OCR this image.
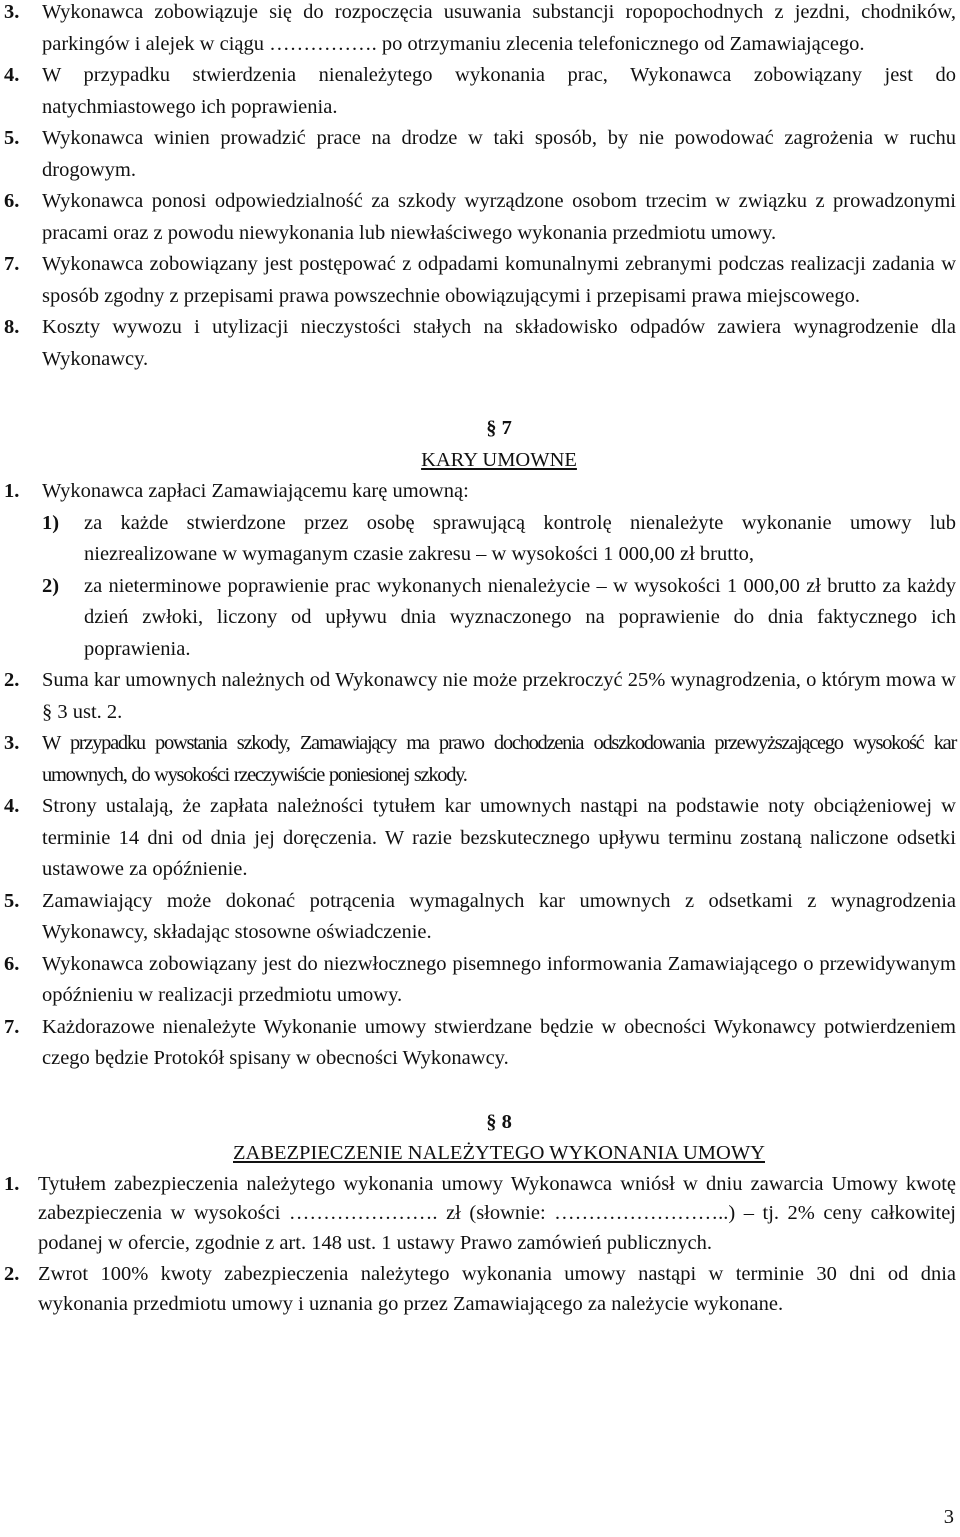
3.	Wykonawca zobowiązuje się do rozpoczęcia usuwania substancji ropopochodnych z jezdni, chodników, parkingów i alejek w ciągu ……………. po otrzymaniu zlecenia telefonicznego od Zamawiającego.
4.	W przypadku stwierdzenia nienależytego wykonania prac, Wykonawca zobowiązany jest do natychmiastowego ich poprawienia.
5.	Wykonawca winien prowadzić prace na drodze w taki sposób, by nie powodować zagrożenia w ruchu drogowym.
6.	Wykonawca ponosi odpowiedzialność za szkody wyrządzone osobom trzecim w związku z prowadzonymi pracami oraz z powodu niewykonania lub niewłaściwego wykonania przedmiotu umowy.
7.	Wykonawca zobowiązany jest postępować z odpadami komunalnymi zebranymi podczas realizacji zadania w sposób zgodny z przepisami prawa powszechnie obowiązującymi i przepisami prawa miejscowego.
8.	Koszty wywozu i utylizacji nieczystości stałych na składowisko odpadów zawiera wynagrodzenie dla Wykonawcy.
§ 7
KARY UMOWNE
1.	Wykonawca zapłaci Zamawiającemu karę umowną:
1)	za każde stwierdzone przez osobę sprawującą kontrolę nienależyte wykonanie umowy lub niezrealizowane w wymaganym czasie zakresu – w wysokości 1 000,00 zł brutto,
2)	za nieterminowe poprawienie prac wykonanych nienależycie – w wysokości 1 000,00 zł brutto za każdy dzień zwłoki, liczony od upływu dnia wyznaczonego na poprawienie do dnia faktycznego ich poprawienia.
2.	Suma kar umownych należnych od Wykonawcy nie może przekroczyć 25% wynagrodzenia, o którym mowa w § 3 ust. 2.
3.	W przypadku powstania szkody, Zamawiający ma prawo dochodzenia odszkodowania przewyższającego wysokość kar umownych, do wysokości rzeczywiście poniesionej szkody.
4.	Strony ustalają, że zapłata należności tytułem kar umownych nastąpi na podstawie noty obciążeniowej w terminie 14 dni od dnia jej doręczenia. W razie bezskutecznego upływu terminu zostaną naliczone odsetki ustawowe za opóźnienie.
5.	Zamawiający może dokonać potrącenia wymagalnych kar umownych z odsetkami z wynagrodzenia Wykonawcy, składając stosowne oświadczenie.
6.	Wykonawca zobowiązany jest do niezwłocznego pisemnego informowania Zamawiającego o przewidywanym opóźnieniu w realizacji przedmiotu umowy.
7.	Każdorazowe nienależyte Wykonanie umowy stwierdzane będzie w obecności Wykonawcy potwierdzeniem czego będzie Protokół spisany w obecności Wykonawcy.
§ 8
ZABEZPIECZENIE NALEŻYTEGO WYKONANIA UMOWY
1. Tytułem zabezpieczenia należytego wykonania umowy Wykonawca wniósł w dniu zawarcia Umowy kwotę zabezpieczenia w wysokości …………………. zł (słownie: ……………………..) – tj. 2% ceny całkowitej podanej w ofercie, zgodnie z art. 148 ust. 1 ustawy Prawo zamówień publicznych.
2. Zwrot 100% kwoty zabezpieczenia należytego wykonania umowy nastąpi w terminie 30 dni od dnia wykonania przedmiotu umowy i uznania go przez Zamawiającego za należycie wykonane.
3
